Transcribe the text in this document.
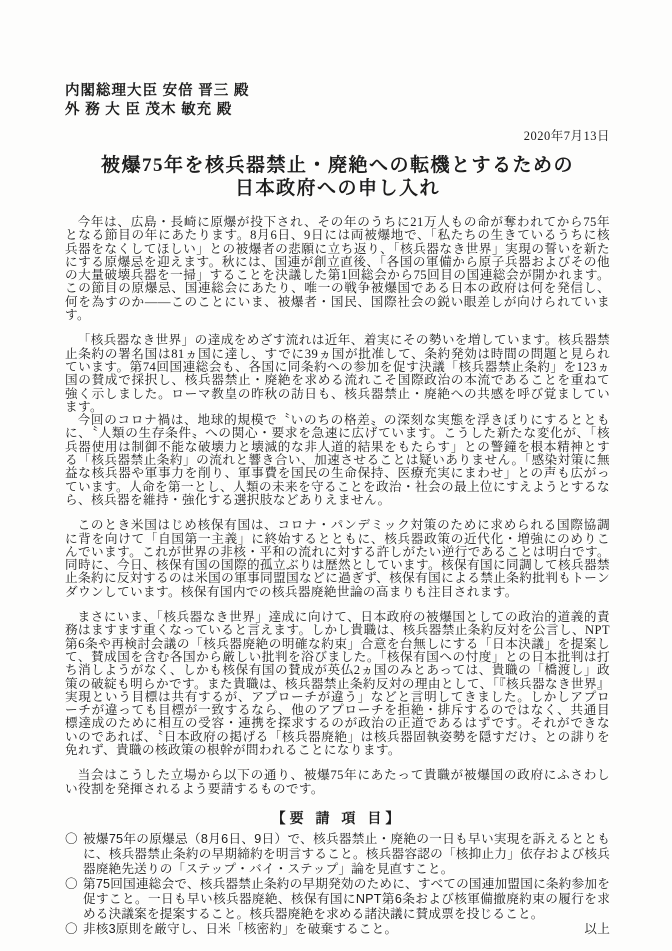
内閣総理大臣 安倍 晋三 殿
外 務 大 臣 茂木 敏充 殿
2020年7月13日
被爆75年を核兵器禁止・廃絶への転機とするための
日本政府への申し入れ

今年は、広島・長崎に原爆が投下され、その年のうちに21万人もの命が奪われてから75年となる節目の年にあたります。8月6日、9日には両被爆地で、「私たちの生きているうちに核兵器をなくしてほしい」との被爆者の悲願に立ち返り、「核兵器なき世界」実現の誓いを新たにする原爆忌を迎えます。秋には、国連が創立直後、「各国の軍備から原子兵器およびその他の大量破壊兵器を一掃」することを決議した第1回総会から75回目の国連総会が開かれます。この節目の原爆忌、国連総会にあたり、唯一の戦争被爆国である日本の政府は何を発信し、何を為すのか――このことにいま、被爆者・国民、国際社会の鋭い眼差しが向けられています。

「核兵器なき世界」の達成をめざす流れは近年、着実にその勢いを増しています。核兵器禁止条約の署名国は81ヵ国に達し、すでに39ヵ国が批准して、条約発効は時間の問題と見られています。第74回国連総会も、各国に同条約への参加を促す決議「核兵器禁止条約」を123ヵ国の賛成で採択し、核兵器禁止・廃絶を求める流れこそ国際政治の本流であることを重ねて強く示しました。ローマ教皇の昨秋の訪日も、核兵器禁止・廃絶への共感を呼び覚ましています。

今回のコロナ禍は、地球的規模で〝いのちの格差〟の深刻な実態を浮きぼりにするとともに、〝人類の生存条件〟への関心・要求を急速に広げています。こうした新たな変化が、「核兵器使用は制御不能な破壊力と壊滅的な非人道的結果をもたらす」との警鐘を根本精神とする「核兵器禁止条約」の流れと響き合い、加速させることは疑いありません。「感染対策に無益な核兵器や軍事力を削り、軍事費を国民の生命保持、医療充実にまわせ」との声も広がっています。人命を第一とし、人類の未来を守ることを政治・社会の最上位にすえようとするなら、核兵器を維持・強化する選択肢などありえません。

このとき米国はじめ核保有国は、コロナ・パンデミック対策のために求められる国際協調に背を向けて「自国第一主義」に終始するとともに、核兵器政策の近代化・増強にのめりこんでいます。これが世界の非核・平和の流れに対する許しがたい逆行であることは明白です。同時に、今日、核保有国の国際的孤立ぶりは歴然としています。核保有国に同調して核兵器禁止条約に反対するのは米国の軍事同盟国などに過ぎず、核保有国による禁止条約批判もトーンダウンしています。核保有国内での核兵器廃絶世論の高まりも注目されます。

まさにいま、「核兵器なき世界」達成に向けて、日本政府の被爆国としての政治的道義的責務はますます重くなっていると言えます。しかし貴職は、核兵器禁止条約反対を公言し、NPT第6条や再検討会議の「核兵器廃絶の明確な約束」合意を台無しにする「日本決議」を提案して、賛成国を含む各国から厳しい批判を浴びました。「核保有国への忖度」との日本批判は打ち消しようがなく、しかも核保有国の賛成が英仏2ヵ国のみとあっては、貴職の「橋渡し」政策の破綻も明らかです。また貴職は、核兵器禁止条約反対の理由として、「『核兵器なき世界』実現という目標は共有するが、アプローチが違う」などと言明してきました。しかしアプローチが違っても目標が一致するなら、他のアプローチを拒絶・排斥するのではなく、共通目標達成のために相互の受容・連携を探求するのが政治の正道であるはずです。それができないのであれば、〝日本政府の掲げる「核兵器廃絶」は核兵器固執姿勢を隠すだけ〟との誹りを免れず、貴職の核政策の根幹が問われることになります。

当会はこうした立場から以下の通り、被爆75年にあたって貴職が被爆国の政府にふさわしい役割を発揮されるよう要請するものです。

【要 請 項 目】
〇 被爆75年の原爆忌（8月6日、9日）で、核兵器禁止・廃絶の一日も早い実現を訴えるとともに、核兵器禁止条約の早期締約を明言すること。核兵器容認の「核抑止力」依存および核兵器廃絶先送りの「ステップ・バイ・ステップ」論を見直すこと。
〇 第75回国連総会で、核兵器禁止条約の早期発効のために、すべての国連加盟国に条約参加を促すこと。一日も早い核兵器廃絶、核保有国にNPT第6条および核軍備撤廃約束の履行を求める決議案を提案すること。核兵器廃絶を求める諸決議に賛成票を投じること。
〇 非核3原則を厳守し、日米「核密約」を破棄すること。	以上
